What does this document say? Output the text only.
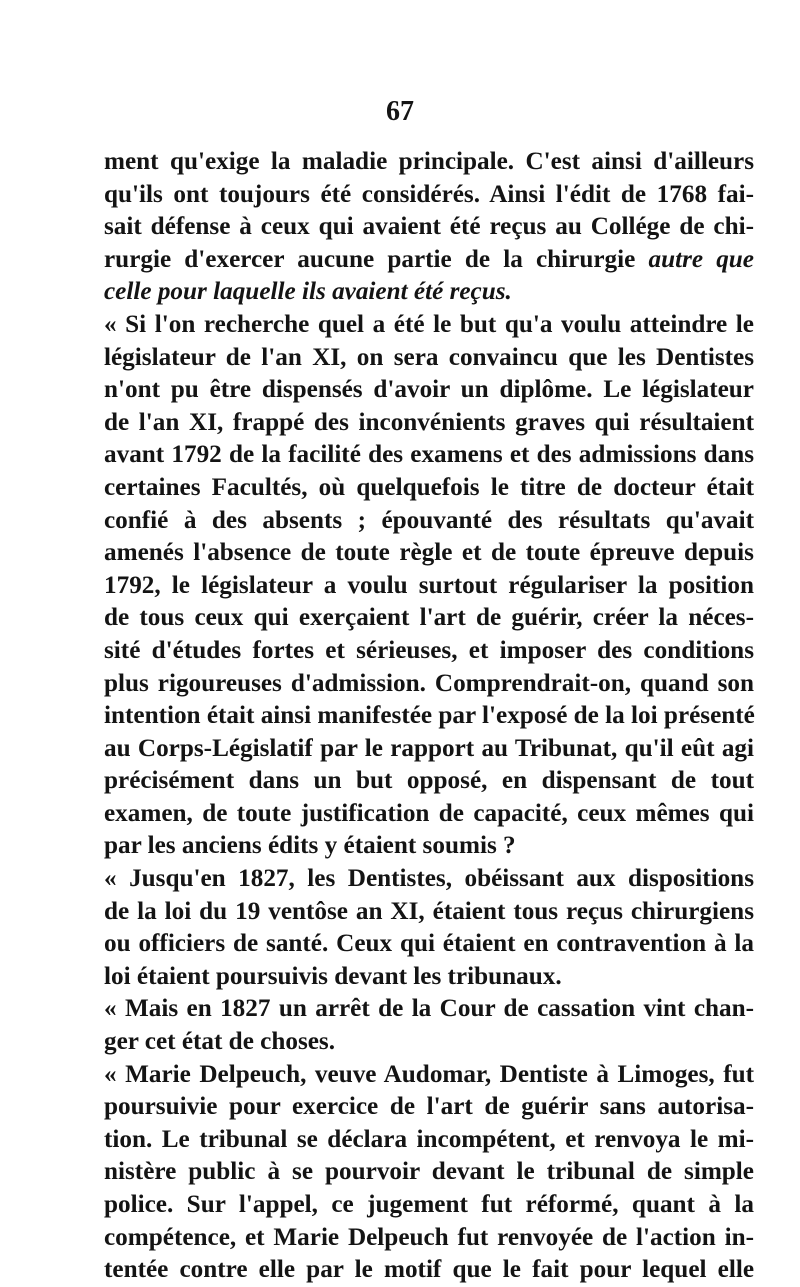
67
ment qu'exige la maladie principale. C'est ainsi d'ailleurs
qu'ils ont toujours été considérés. Ainsi l'édit de 1768 fai-
sait défense à ceux qui avaient été reçus au Collége de chi-
rurgie d'exercer aucune partie de la chirurgie autre que
celle pour laquelle ils avaient été reçus.
« Si l'on recherche quel a été le but qu'a voulu atteindre le
législateur de l'an XI, on sera convaincu que les Dentistes
n'ont pu être dispensés d'avoir un diplôme. Le législateur
de l'an XI, frappé des inconvénients graves qui résultaient
avant 1792 de la facilité des examens et des admissions dans
certaines Facultés, où quelquefois le titre de docteur était
confié à des absents ; épouvanté des résultats qu'avait
amenés l'absence de toute règle et de toute épreuve depuis
1792, le législateur a voulu surtout régulariser la position
de tous ceux qui exerçaient l'art de guérir, créer la néces-
sité d'études fortes et sérieuses, et imposer des conditions
plus rigoureuses d'admission. Comprendrait-on, quand son
intention était ainsi manifestée par l'exposé de la loi présenté
au Corps-Législatif par le rapport au Tribunat, qu'il eût agi
précisément dans un but opposé, en dispensant de tout
examen, de toute justification de capacité, ceux mêmes qui
par les anciens édits y étaient soumis ?
« Jusqu'en 1827, les Dentistes, obéissant aux dispositions
de la loi du 19 ventôse an XI, étaient tous reçus chirurgiens
ou officiers de santé. Ceux qui étaient en contravention à la
loi étaient poursuivis devant les tribunaux.
« Mais en 1827 un arrêt de la Cour de cassation vint chan-
ger cet état de choses.
« Marie Delpeuch, veuve Audomar, Dentiste à Limoges, fut
poursuivie pour exercice de l'art de guérir sans autorisa-
tion. Le tribunal se déclara incompétent, et renvoya le mi-
nistère public à se pourvoir devant le tribunal de simple
police. Sur l'appel, ce jugement fut réformé, quant à la
compétence, et Marie Delpeuch fut renvoyée de l'action in-
tentée contre elle par le motif que le fait pour lequel elle
